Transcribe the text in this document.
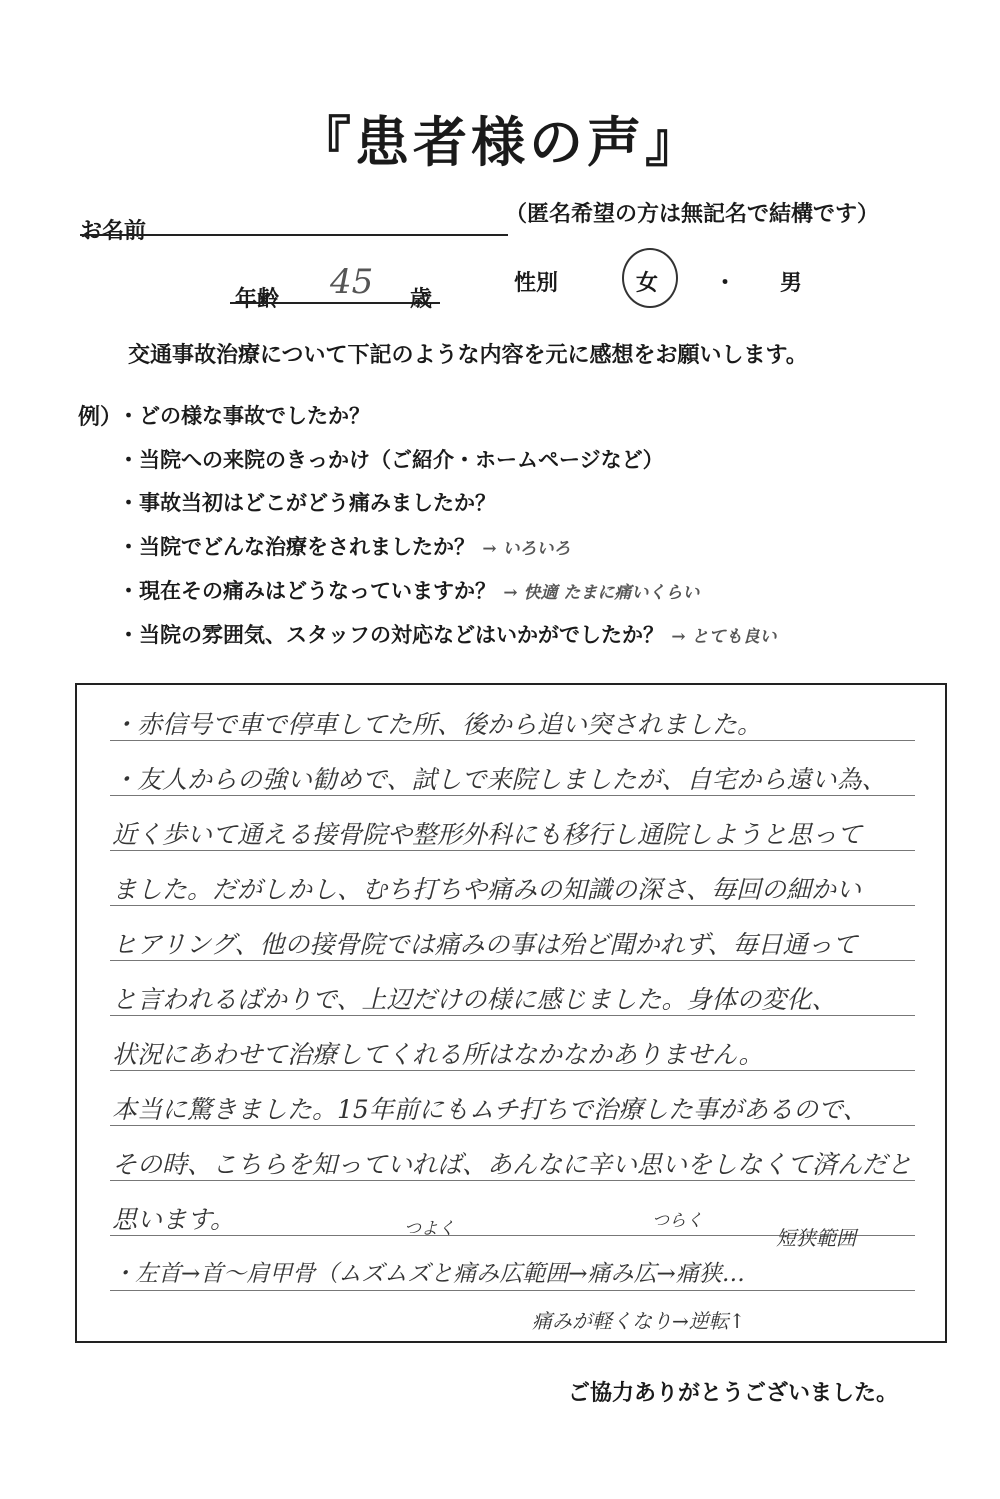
『患者様の声』
お名前
（匿名希望の方は無記名で結構です）
年齢 45 歳
性別	女	・ 男
交通事故治療について下記のような内容を元に感想をお願いします。
例）
・どの様な事故でしたか？
・当院への来院のきっかけ（ご紹介・ホームページなど）
・事故当初はどこがどう痛みましたか？
・当院でどんな治療をされましたか？ → いろいろ
・現在その痛みはどうなっていますか？ → 快適 たまに痛いくらい
・当院の雰囲気、スタッフの対応などはいかがでしたか？ → とても良い
・赤信号で車で停車してた所、後から追い突されました。
・友人からの強い勧めで、試しで来院しましたが、自宅から遠い為、
近く歩いて通える接骨院や整形外科にも移行し通院しようと思って
ました。だがしかし、むち打ちや痛みの知識の深さ、毎回の細かい
ヒアリング、他の接骨院では痛みの事は殆ど聞かれず、毎日通って
と言われるばかりで、上辺だけの様に感じました。身体の変化、
状況にあわせて治療してくれる所はなかなかありません。
本当に驚きました。15年前にもムチ打ちで治療した事があるので、
その時、こちらを知っていれば、あんなに辛い思いをしなくて済んだと
思います。
・左首→首～肩甲骨（ムズムズと痛み広範囲→痛み広→痛狭…
つよく	つらく
短狭範囲
痛みが軽くなり→逆転↑
ご協力ありがとうございました。
